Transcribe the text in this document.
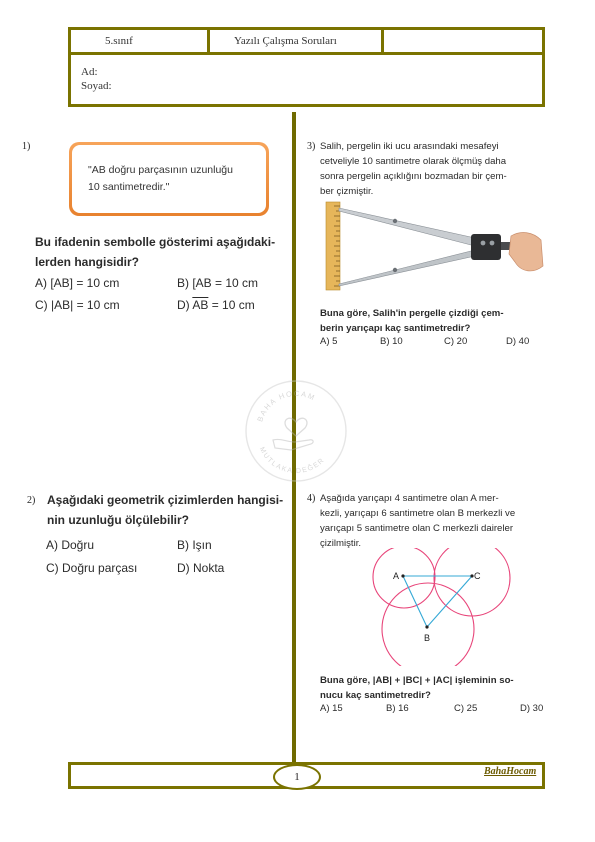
5.sınıf	Yazılı Çalışma Soruları
Ad:
Soyad:
1)
"AB doğru parçasının uzunluğu
10 santimetredir."
Bu ifadenin sembolle gösterimi aşağıdaki-
lerden hangisidir?
A) [AB] = 10 cm	B) [AB = 10 cm
C) |AB| = 10 cm	D) $\overline{AB} = 10$ cm
2) Aşağıdaki geometrik çizimlerden hangisi-
nin uzunluğu ölçülebilir?
A) Doğru	B) Işın
C) Doğru parçası	D) Nokta
3) Salih, pergelin iki ucu arasındaki mesafeyi
cetveliyle 10 santimetre olarak ölçmüş daha
sonra pergelin açıklığını bozmadan bir çem-
ber çizmiştir.
Buna göre, Salih'in pergelle çizdiği çem-
berin yarıçapı kaç santimetredir?
A) 5	B) 10	C) 20	D) 40
BAHA HOCAM
MUTLAKA DEĞER
4) Aşağıda yarıçapı 4 santimetre olan A mer-
kezli, yarıçapı 6 santimetre olan B merkezli ve
yarıçapı 5 santimetre olan C merkezli daireler
çizilmiştir.
A	C
B
Buna göre, |AB| + |BC| + |AC| işleminin so-
nucu kaç santimetredir?
A) 15	B) 16	C) 25	D) 30
1	BahaHocam
